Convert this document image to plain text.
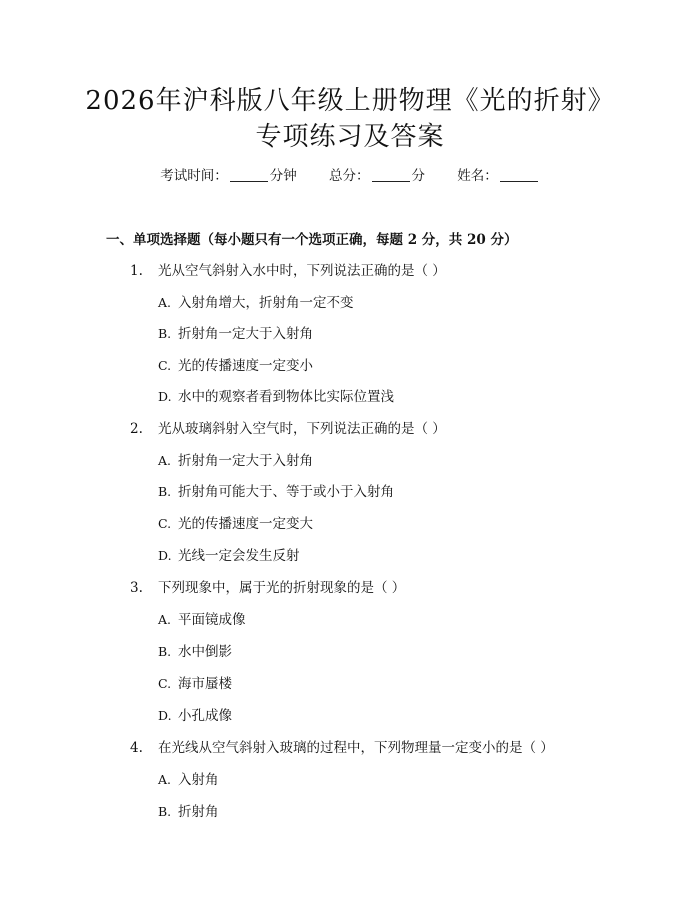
2026年沪科版八年级上册物理《光的折射》
专项练习及答案
考试时间：	分钟 总分：	分 姓名：
一、单项选择题（每小题只有一个选项正确，每题 2 分，共 20 分）
1. 光从空气斜射入水中时，下列说法正确的是（ ）
A. 入射角增大，折射角一定不变
B. 折射角一定大于入射角
C. 光的传播速度一定变小
D. 水中的观察者看到物体比实际位置浅
2. 光从玻璃斜射入空气时，下列说法正确的是（ ）
A. 折射角一定大于入射角
B. 折射角可能大于、等于或小于入射角
C. 光的传播速度一定变大
D. 光线一定会发生反射
3. 下列现象中，属于光的折射现象的是（ ）
A. 平面镜成像
B. 水中倒影
C. 海市蜃楼
D. 小孔成像
4. 在光线从空气斜射入玻璃的过程中，下列物理量一定变小的是（ ）
A. 入射角
B. 折射角
